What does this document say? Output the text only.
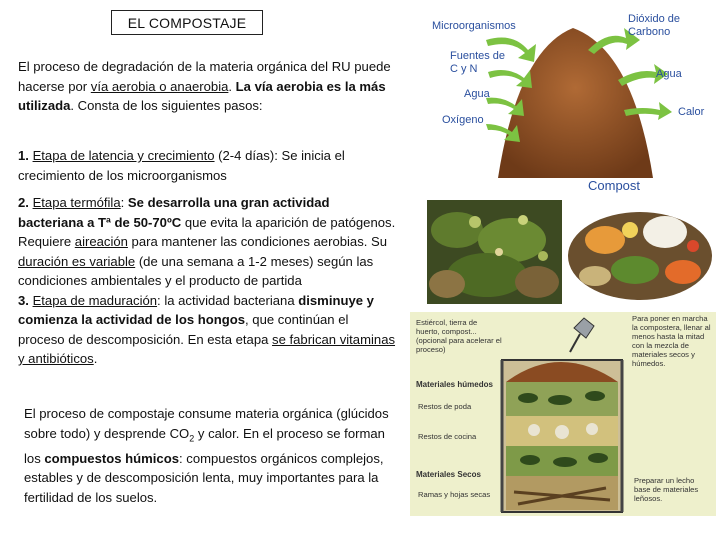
EL COMPOSTAJE
El proceso de degradación de la materia orgánica del RU puede hacerse por vía aerobia o anaerobia. La vía aerobia es la más utilizada. Consta de los siguientes pasos:
1. Etapa de latencia y crecimiento (2-4 días): Se inicia el crecimiento de los microorganismos
2. Etapa termófila: Se desarrolla una gran actividad bacteriana a Tª de 50-70ºC que evita la aparición de patógenos. Requiere aireación para mantener las condiciones aerobias. Su duración es variable (de una semana a 1-2 meses) según las condiciones ambientales y el producto de partida
3. Etapa de maduración: la actividad bacteriana disminuye y comienza la actividad de los hongos, que continúan el proceso de descomposición. En esta etapa se fabrican vitaminas y antibióticos.
El proceso de compostaje consume materia orgánica (glúcidos sobre todo) y desprende $CO_2$ y calor. En el proceso se forman los compuestos húmicos: compuestos orgánicos complejos, estables y de descomposición lenta, muy importantes para la fertilidad de los suelos.
Microorganismos
Fuentes de
C y N
Agua
Oxígeno
Dióxido de
Carbono
Agua
Calor
Compost
Estiércol, tierra de huerto, compost... (opcional para acelerar el proceso)
Para poner en marcha la compostera, llenar al menos hasta la mitad con la mezcla de materiales secos y húmedos.
Materiales húmedos
Restos de poda
Restos de cocina
Materiales Secos
Ramas y hojas secas
Preparar un lecho base de materiales leñosos.
